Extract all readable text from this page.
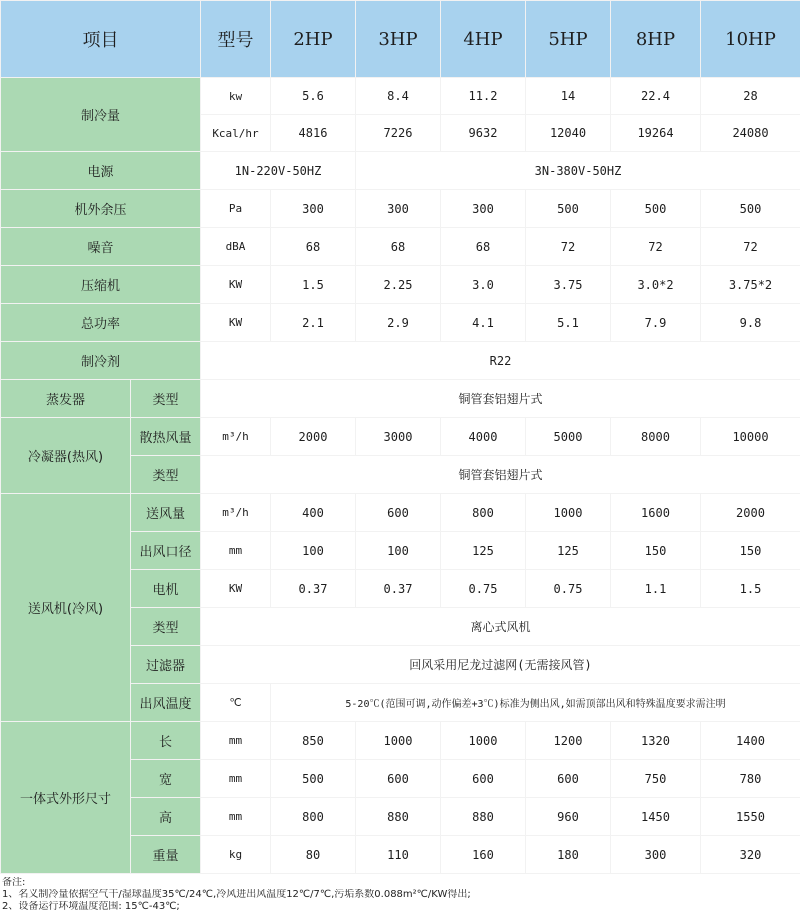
项目		型号	2HP	3HP	4HP	5HP	8HP	10HP
制冷量		kw	5.6	8.4	11.2	14	22.4	28
		Kcal/hr	4816	7226	9632	12040	19264	24080
电源		1N-220V-50HZ		3N-380V-50HZ				
机外余压		Pa	300	300	300	500	500	500
噪音		dBA	68	68	68	72	72	72
压缩机		KW	1.5	2.25	3.0	3.75	3.0*2	3.75*2
总功率		KW	2.1	2.9	4.1	5.1	7.9	9.8
制冷剂		R22						
蒸发器	类型	铜管套铝翅片式						
冷凝器(热风)	散热风量	m³/h	2000	3000	4000	5000	8000	10000
	类型	铜管套铝翅片式						
送风机(冷风)	送风量	m³/h	400	600	800	1000	1600	2000
	出风口径	mm	100	100	125	125	150	150
	电机	KW	0.37	0.37	0.75	0.75	1.1	1.5
	类型	离心式风机						
	过滤器	回风采用尼龙过滤网(无需接风管)						
	出风温度	℃	5-20℃(范围可调,动作偏差+3℃)标准为侧出风,如需顶部出风和特殊温度要求需注明					
一体式外形尺寸	长	mm	850	1000	1000	1200	1320	1400
	宽	mm	500	600	600	600	750	780
	高	mm	800	880	880	960	1450	1550
	重量	kg	80	110	160	180	300	320
备注:
1、名义制冷量依据空气干/湿球温度35℃/24℃,冷风进出风温度12℃/7℃,污垢系数0.088m²℃/KW得出;
2、设备运行环境温度范围: 15℃-43℃;
